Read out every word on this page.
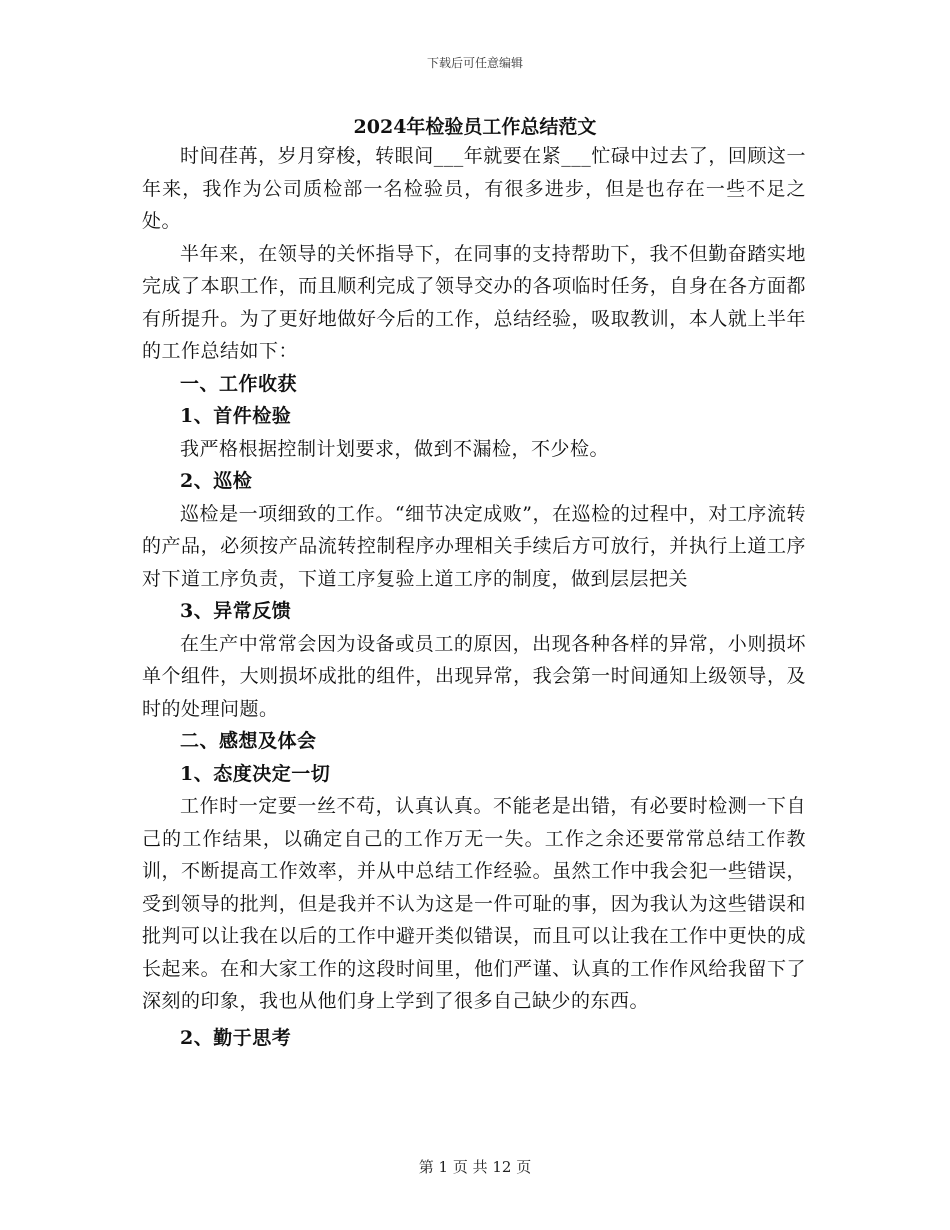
下载后可任意编辑
2024年检验员工作总结范文

时间荏苒，岁月穿梭，转眼间___年就要在紧___忙碌中过去了，回顾这一年来，我作为公司质检部一名检验员，有很多进步，但是也存在一些不足之处。

半年来，在领导的关怀指导下，在同事的支持帮助下，我不但勤奋踏实地完成了本职工作，而且顺利完成了领导交办的各项临时任务，自身在各方面都有所提升。为了更好地做好今后的工作，总结经验，吸取教训，本人就上半年的工作总结如下：

一、工作收获

1、首件检验

我严格根据控制计划要求，做到不漏检，不少检。

2、巡检

巡检是一项细致的工作。“细节决定成败”，在巡检的过程中，对工序流转的产品，必须按产品流转控制程序办理相关手续后方可放行，并执行上道工序对下道工序负责，下道工序复验上道工序的制度，做到层层把关

3、异常反馈

在生产中常常会因为设备或员工的原因，出现各种各样的异常，小则损坏单个组件，大则损坏成批的组件，出现异常，我会第一时间通知上级领导，及时的处理问题。

二、感想及体会

1、态度决定一切

工作时一定要一丝不苟，认真认真。不能老是出错，有必要时检测一下自己的工作结果，以确定自己的工作万无一失。工作之余还要常常总结工作教训，不断提高工作效率，并从中总结工作经验。虽然工作中我会犯一些错误，受到领导的批判，但是我并不认为这是一件可耻的事，因为我认为这些错误和批判可以让我在以后的工作中避开类似错误，而且可以让我在工作中更快的成长起来。在和大家工作的这段时间里，他们严谨、认真的工作作风给我留下了深刻的印象，我也从他们身上学到了很多自己缺少的东西。

2、勤于思考

第 1 页 共 12 页
